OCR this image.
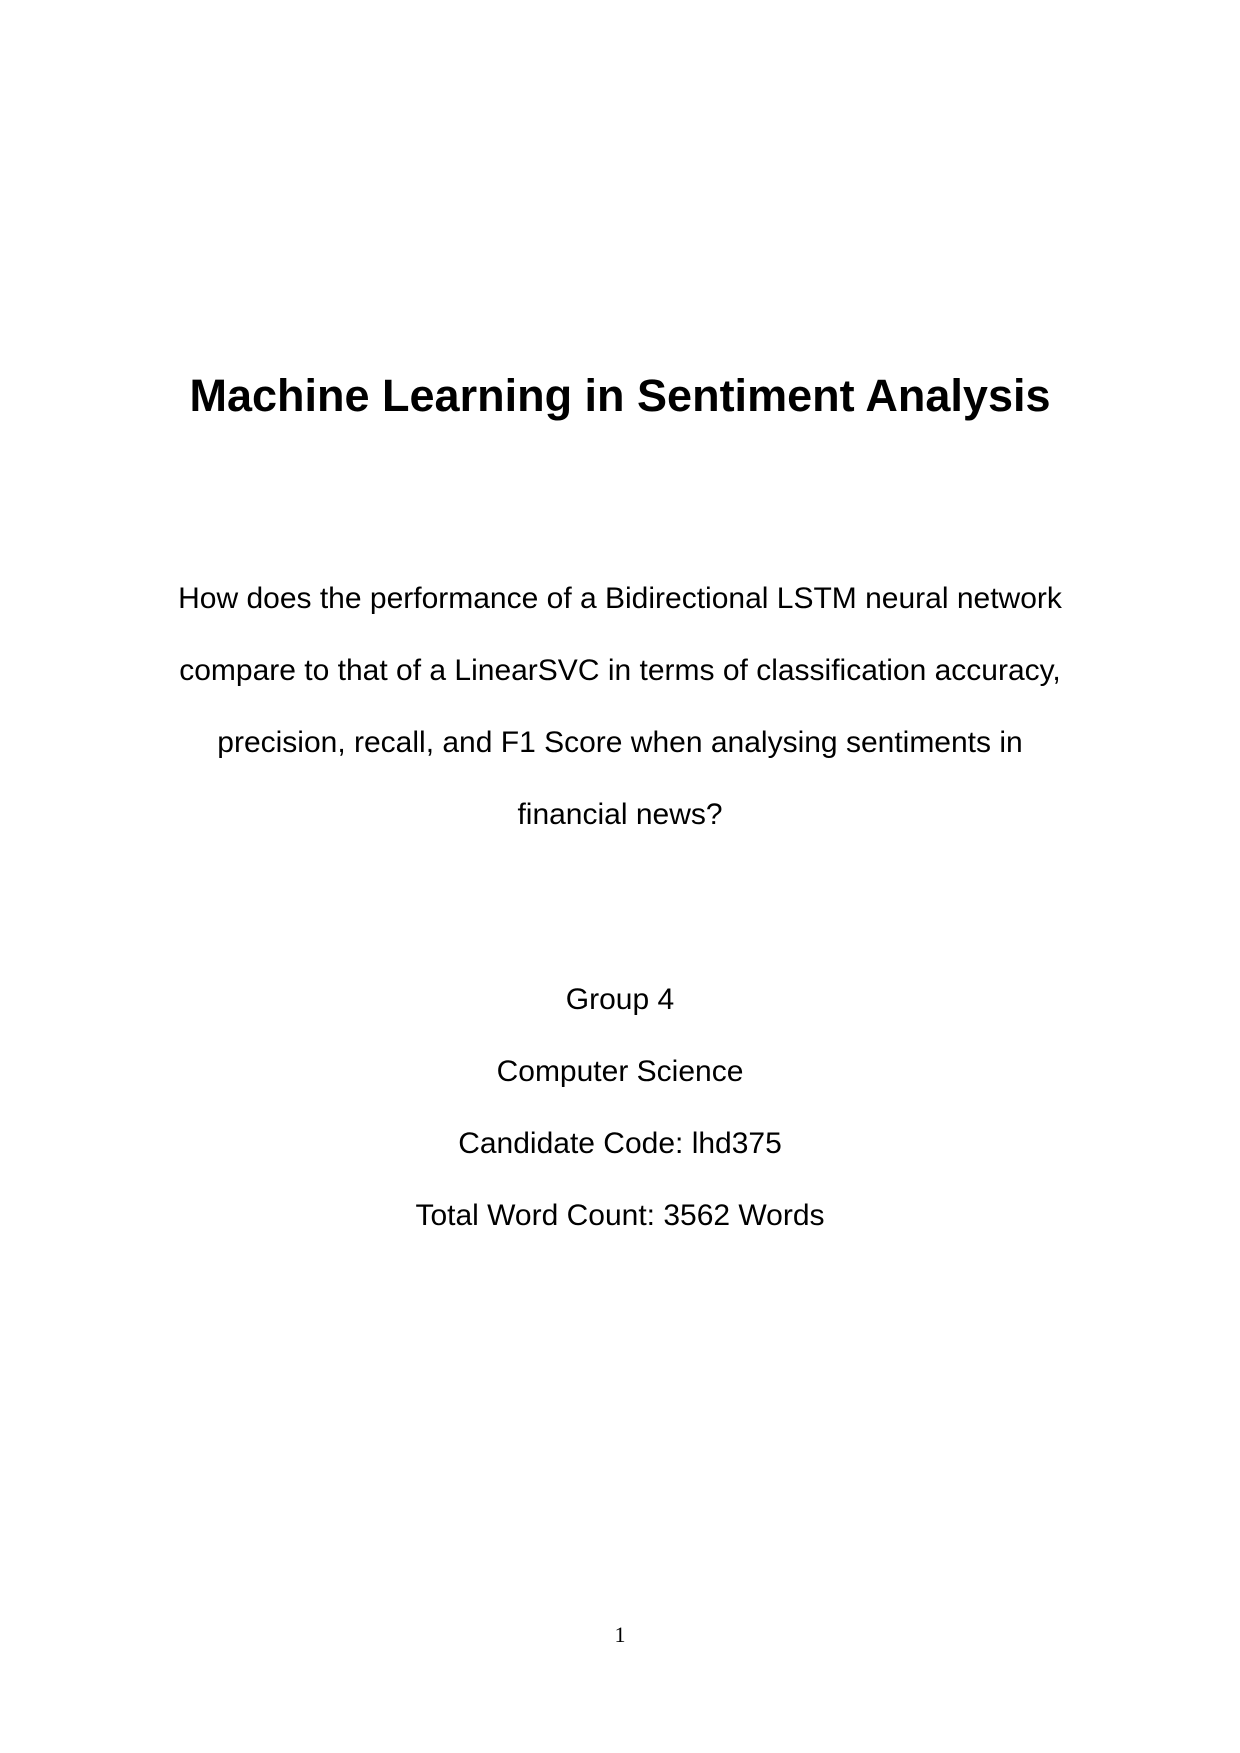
Machine Learning in Sentiment Analysis
How does the performance of a Bidirectional LSTM neural network
compare to that of a LinearSVC in terms of classification accuracy,
precision, recall, and F1 Score when analysing sentiments in
financial news?
Group 4
Computer Science
Candidate Code: lhd375
Total Word Count: 3562 Words
1
